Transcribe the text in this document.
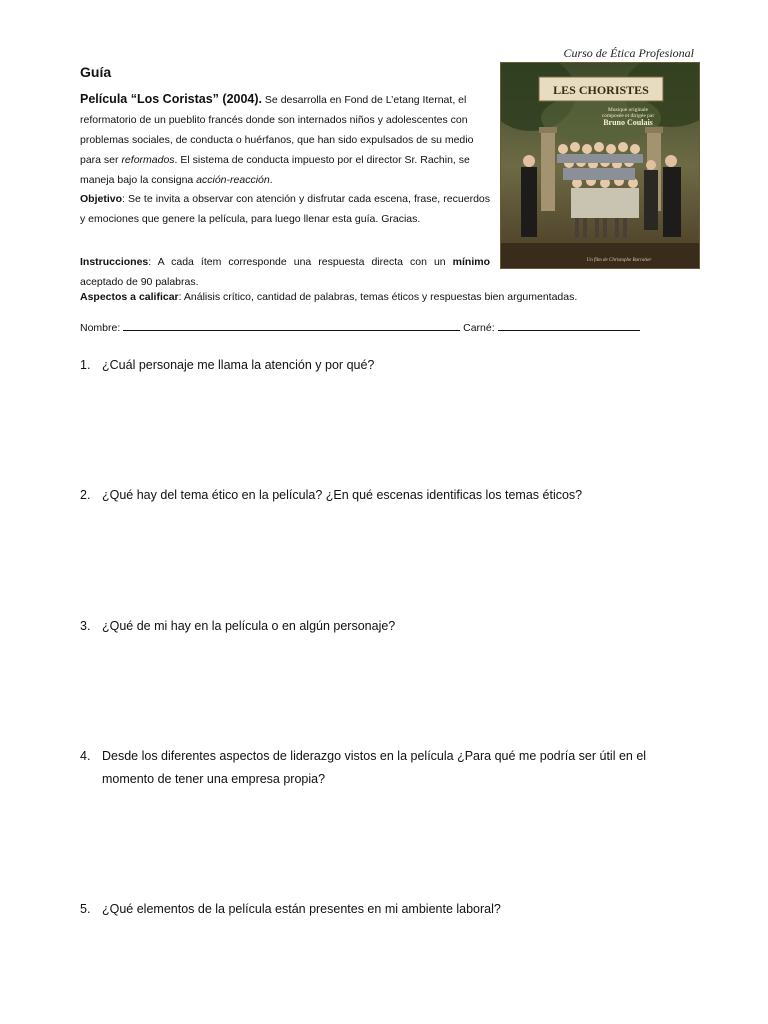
Curso de Ética Profesional
Guía
Película “Los Coristas” (2004). Se desarrolla en Fond de L’etang Iternat, el reformatorio de un pueblito francés donde son internados niños y adolescentes con problemas sociales, de conducta o huérfanos, que han sido expulsados de su medio para ser reformados. El sistema de conducta impuesto por el director Sr. Rachin, se maneja bajo la consigna acción-reacción.
Objetivo: Se te invita a observar con atención y disfrutar cada escena, frase, recuerdos y emociones que genere la película, para luego llenar esta guía. Gracias.
Instrucciones: A cada ítem corresponde una respuesta directa con un mínimo aceptado de 90 palabras.
Aspectos a calificar: Análisis crítico, cantidad de palabras, temas éticos y respuestas bien argumentadas.
Nombre:	Carné:
LES CHORISTES
Musique originale
composée et dirigée par
Bruno Coulais
Un film de Christophe Barratier
1. ¿Cuál personaje me llama la atención y por qué?
2. ¿Qué hay del tema ético en la película? ¿En qué escenas identificas los temas éticos?
3. ¿Qué de mi hay en la película o en algún personaje?
4. Desde los diferentes aspectos de liderazgo vistos en la película ¿Para qué me podría ser útil en el momento de tener una empresa propia?
5. ¿Qué elementos de la película están presentes en mi ambiente laboral?
